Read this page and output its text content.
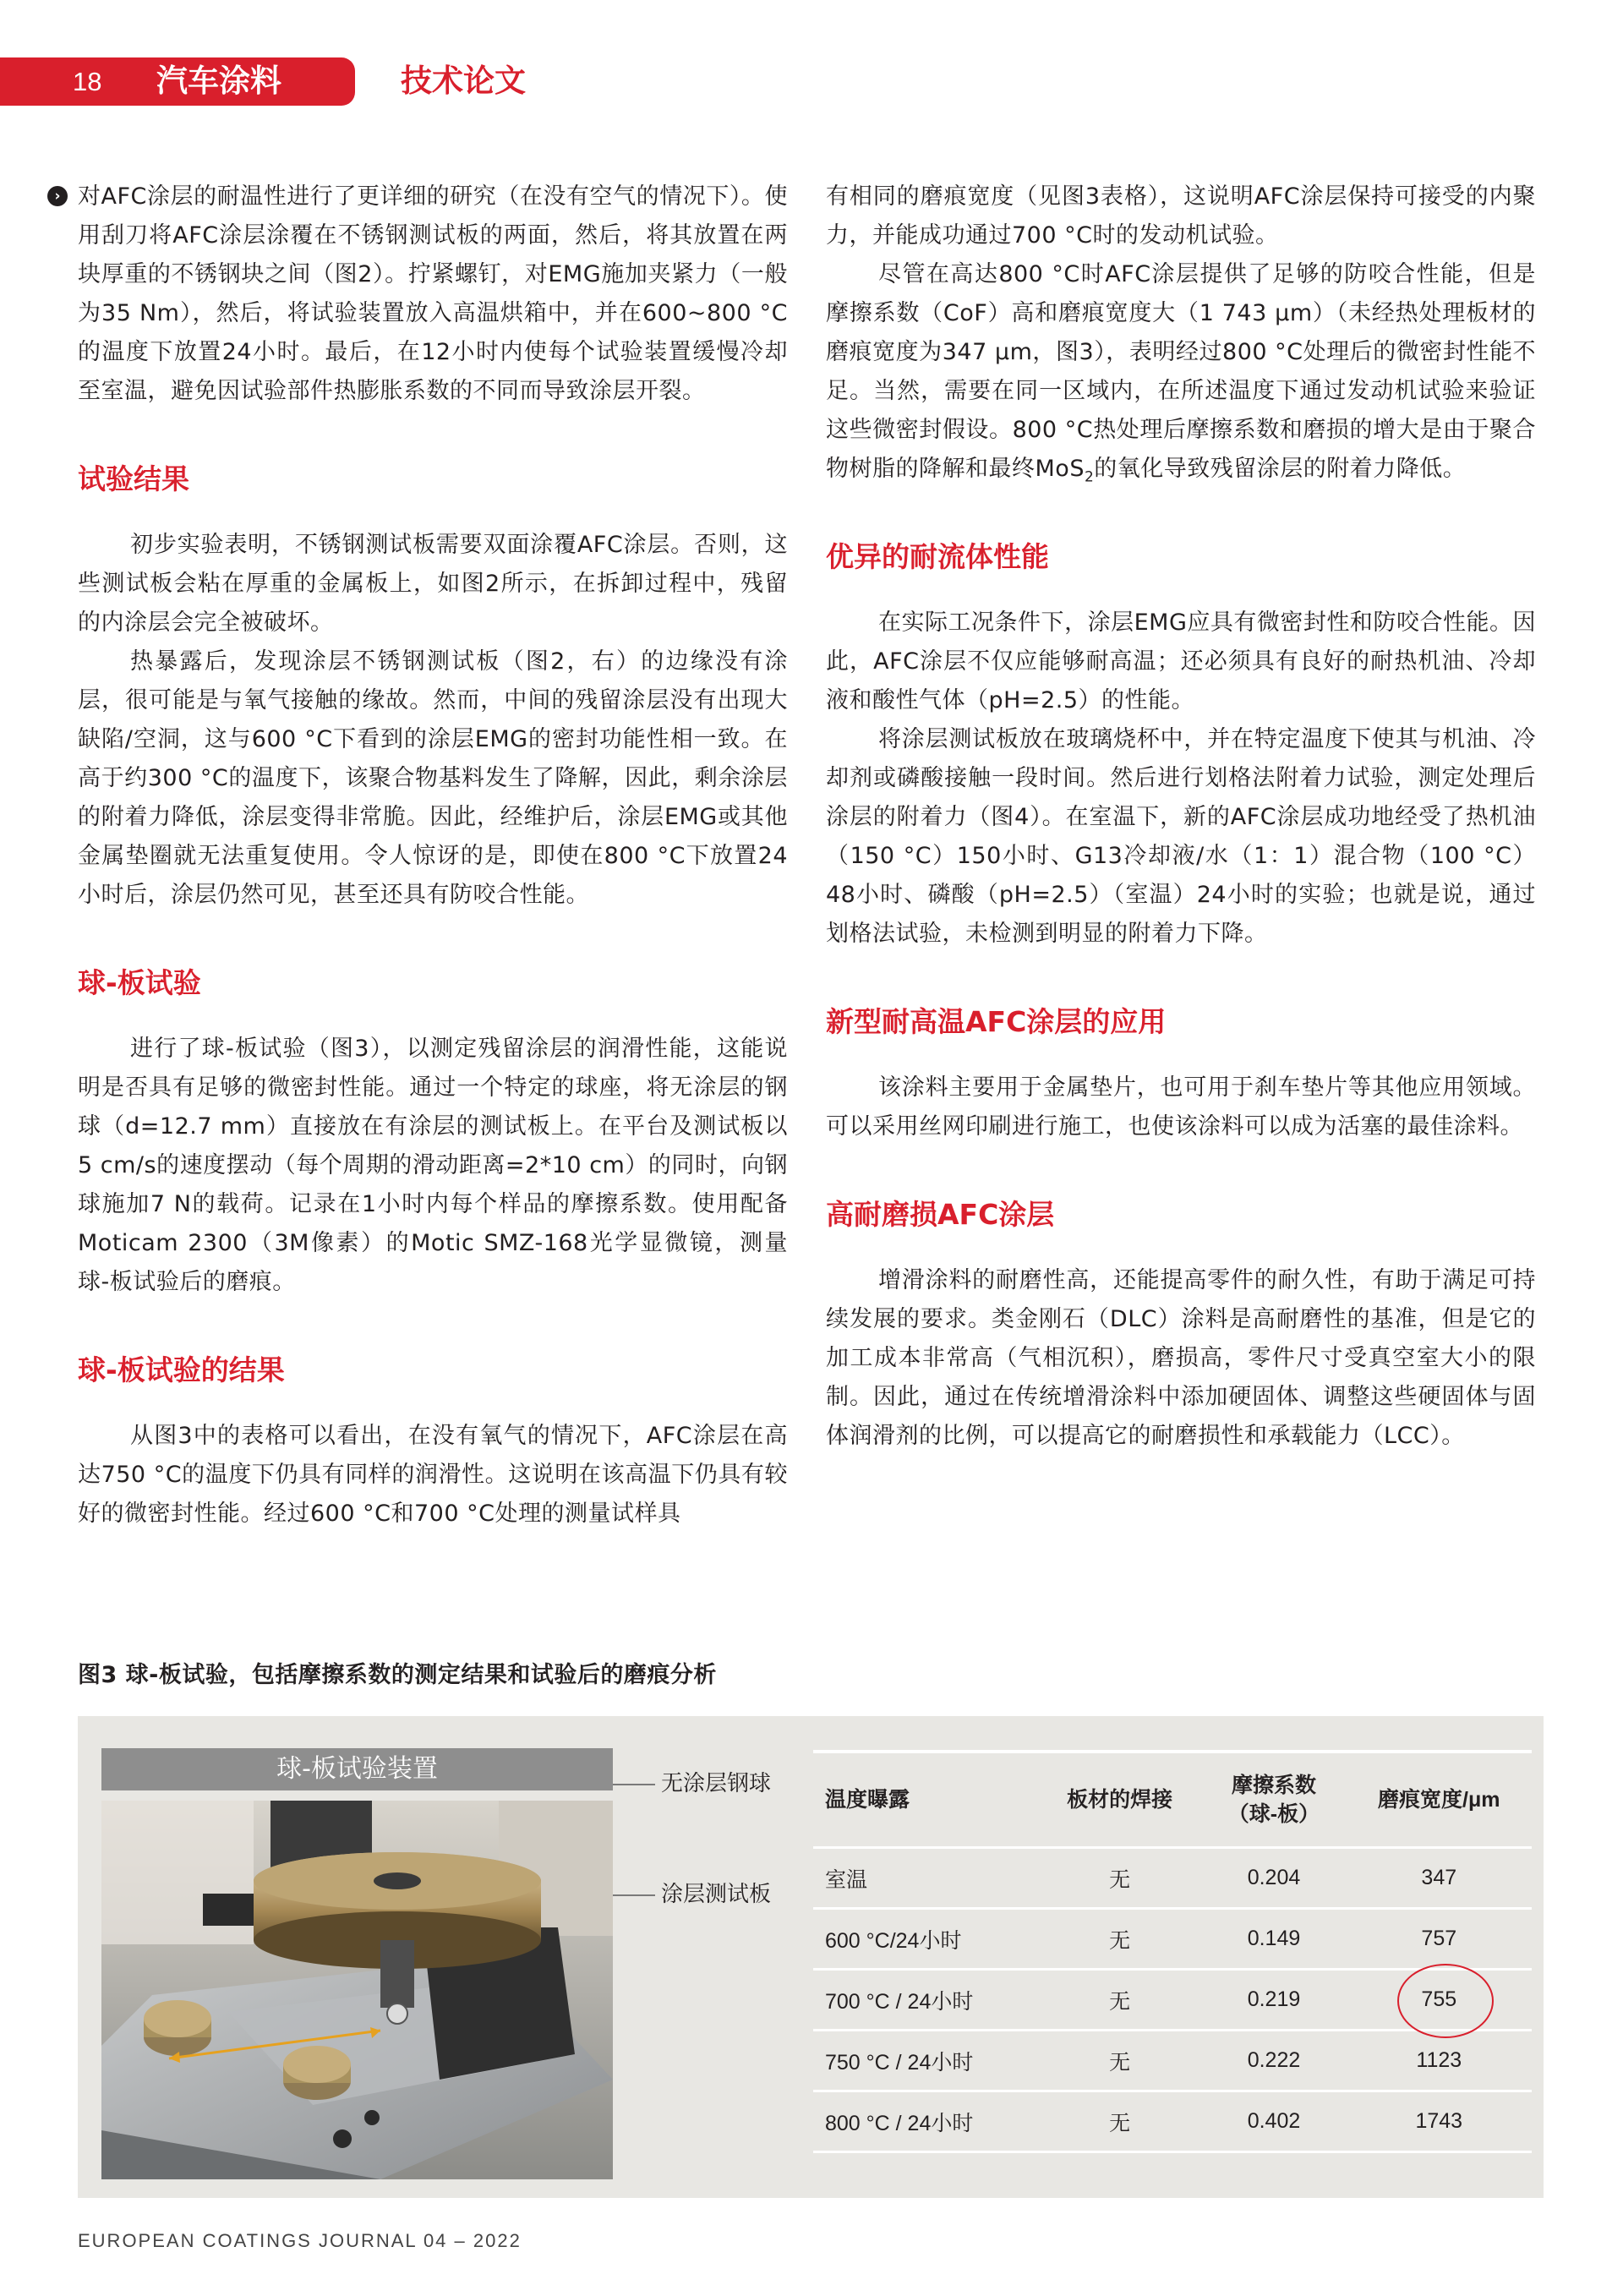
18	汽车涂料	技术论文
› 对AFC涂层的耐温性进行了更详细的研究（在没有空气的情况下）。使用刮刀将AFC涂层涂覆在不锈钢测试板的两面，然后，将其放置在两块厚重的不锈钢块之间（图2）。拧紧螺钉，对EMG施加夹紧力（一般为35 Nm），然后，将试验装置放入高温烘箱中，并在600~800 °C的温度下放置24小时。最后，在12小时内使每个试验装置缓慢冷却至室温，避免因试验部件热膨胀系数的不同而导致涂层开裂。

试验结果

初步实验表明，不锈钢测试板需要双面涂覆AFC涂层。否则，这些测试板会粘在厚重的金属板上，如图2所示，在拆卸过程中，残留的内涂层会完全被破坏。

热暴露后，发现涂层不锈钢测试板（图2，右）的边缘没有涂层，很可能是与氧气接触的缘故。然而，中间的残留涂层没有出现大缺陷/空洞，这与600 °C下看到的涂层EMG的密封功能性相一致。在高于约300 °C的温度下，该聚合物基料发生了降解，因此，剩余涂层的附着力降低，涂层变得非常脆。因此，经维护后，涂层EMG或其他金属垫圈就无法重复使用。令人惊讶的是，即使在800 °C下放置24小时后，涂层仍然可见，甚至还具有防咬合性能。

球-板试验

进行了球-板试验（图3），以测定残留涂层的润滑性能，这能说明是否具有足够的微密封性能。通过一个特定的球座，将无涂层的钢球（d=12.7 mm）直接放在有涂层的测试板上。在平台及测试板以5 cm/s的速度摆动（每个周期的滑动距离=2*10 cm）的同时，向钢球施加7 N的载荷。记录在1小时内每个样品的摩擦系数。使用配备Moticam 2300（3M像素）的Motic SMZ-168光学显微镜，测量球-板试验后的磨痕。

球-板试验的结果

从图3中的表格可以看出，在没有氧气的情况下，AFC涂层在高达750 °C的温度下仍具有同样的润滑性。这说明在该高温下仍具有较好的微密封性能。经过600 °C和700 °C处理的测量试样具

有相同的磨痕宽度（见图3表格），这说明AFC涂层保持可接受的内聚力，并能成功通过700 °C时的发动机试验。

尽管在高达800 °C时AFC涂层提供了足够的防咬合性能，但是摩擦系数（CoF）高和磨痕宽度大（1 743 μm）（未经热处理板材的磨痕宽度为347 μm，图3），表明经过800 °C处理后的微密封性能不足。当然，需要在同一区域内，在所述温度下通过发动机试验来验证这些微密封假设。800 °C热处理后摩擦系数和磨损的增大是由于聚合物树脂的降解和最终MoS$_2$的氧化导致残留涂层的附着力降低。

优异的耐流体性能

在实际工况条件下，涂层EMG应具有微密封性和防咬合性能。因此，AFC涂层不仅应能够耐高温；还必须具有良好的耐热机油、冷却液和酸性气体（pH=2.5）的性能。

将涂层测试板放在玻璃烧杯中，并在特定温度下使其与机油、冷却剂或磷酸接触一段时间。然后进行划格法附着力试验，测定处理后涂层的附着力（图4）。在室温下，新的AFC涂层成功地经受了热机油（150 °C）150小时、G13冷却液/水（1：1）混合物（100 °C）48小时、磷酸（pH=2.5）（室温）24小时的实验；也就是说，通过划格法试验，未检测到明显的附着力下降。

新型耐高温AFC涂层的应用

该涂料主要用于金属垫片，也可用于刹车垫片等其他应用领域。可以采用丝网印刷进行施工，也使该涂料可以成为活塞的最佳涂料。

高耐磨损AFC涂层

增滑涂料的耐磨性高，还能提高零件的耐久性，有助于满足可持续发展的要求。类金刚石（DLC）涂料是高耐磨性的基准，但是它的加工成本非常高（气相沉积），磨损高，零件尺寸受真空室大小的限制。因此，通过在传统增滑涂料中添加硬固体、调整这些硬固体与固体润滑剂的比例，可以提高它的耐磨损性和承载能力（LCC）。

图3 球-板试验，包括摩擦系数的测定结果和试验后的磨痕分析
球-板试验装置	无涂层钢球
涂层测试板
温度曝露	板材的焊接	摩擦系数
（球-板）	磨痕宽度/μm
室温	无	0.204	347
600 °C/24小时	无	0.149	757
700 °C / 24小时	无	0.219	755
750 °C / 24小时	无	0.222	1123
800 °C / 24小时	无	0.402	1743
EUROPEAN COATINGS JOURNAL 04 – 2022
